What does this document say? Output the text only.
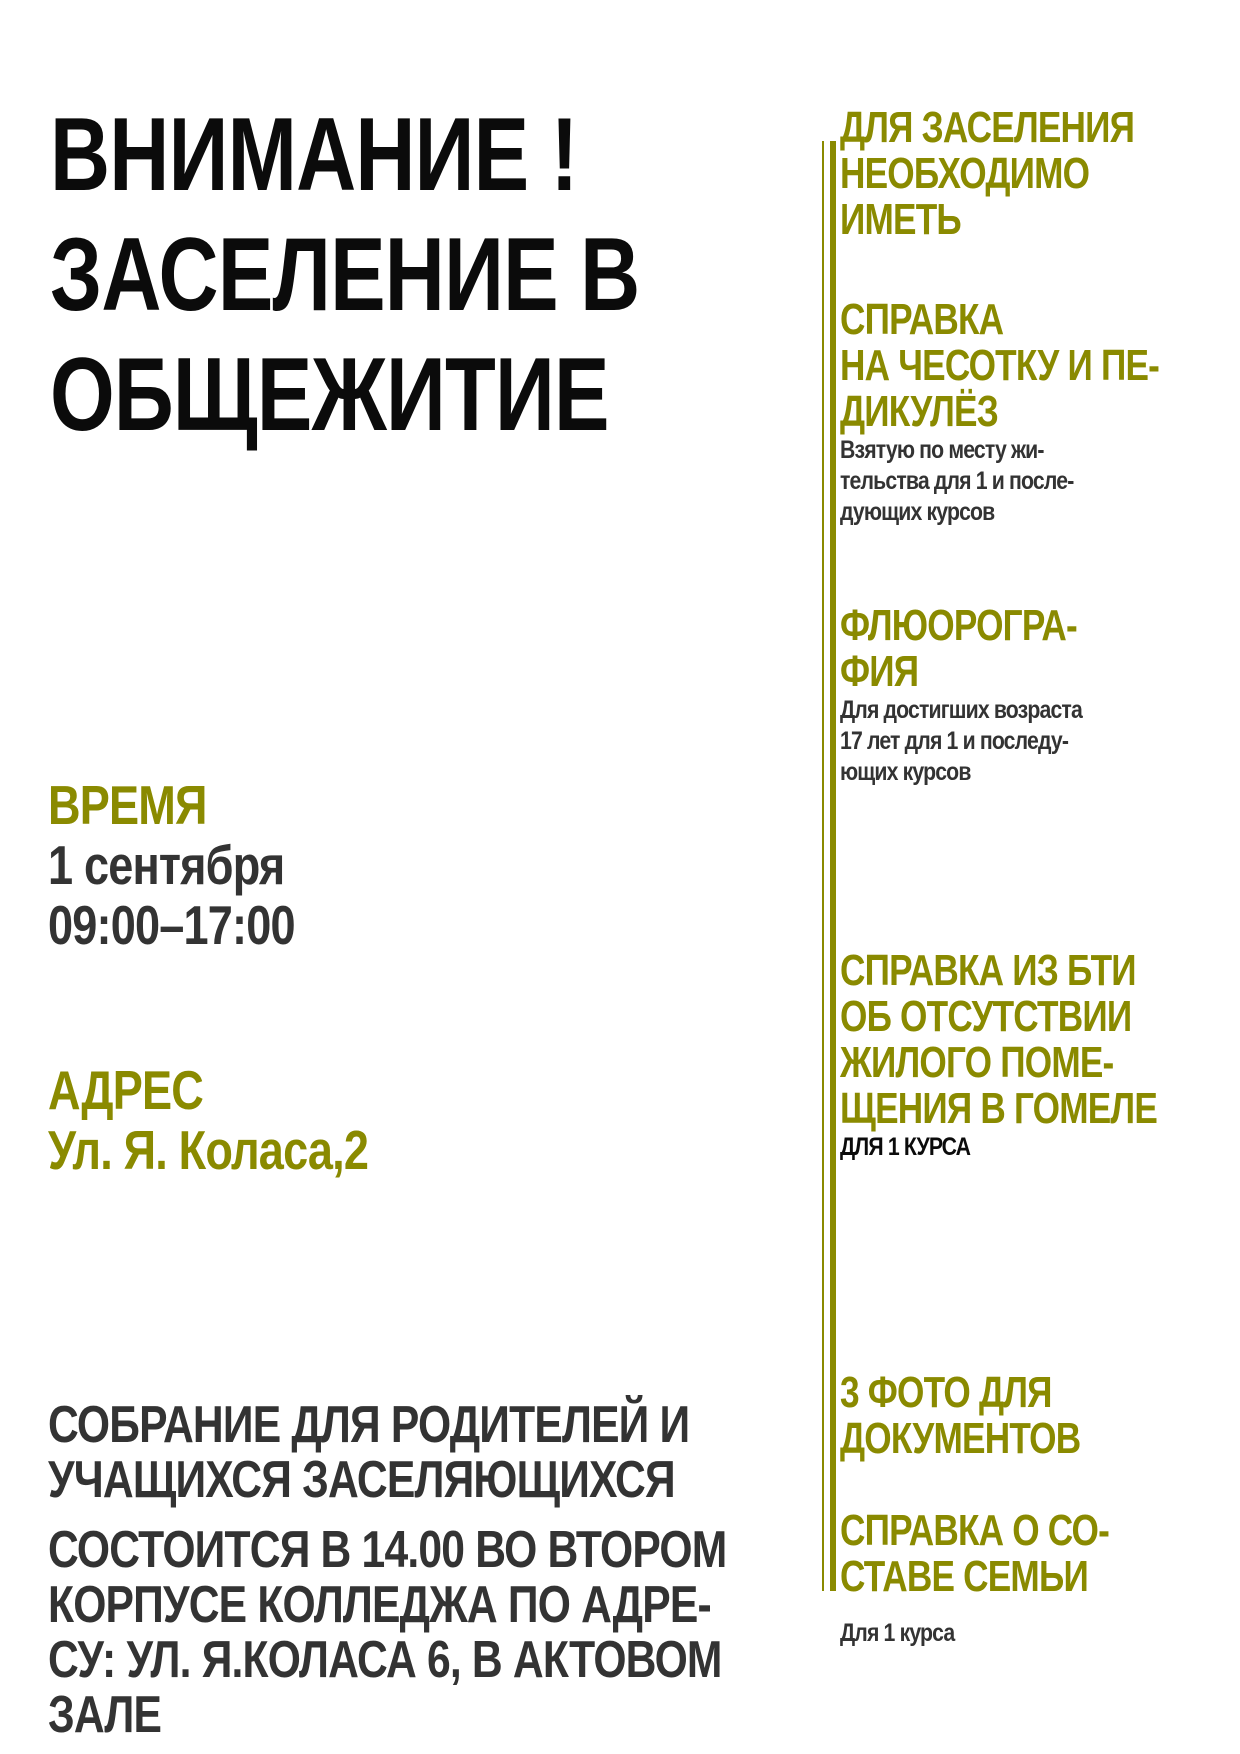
ВНИМАНИЕ !
ЗАСЕЛЕНИЕ В
ОБЩЕЖИТИЕ
ВРЕМЯ
1 сентября
09:00–17:00
АДРЕС
Ул. Я. Коласа,2
СОБРАНИЕ ДЛЯ РОДИТЕЛЕЙ И
УЧАЩИХСЯ ЗАСЕЛЯЮЩИХСЯ
СОСТОИТСЯ В 14.00 ВО ВТОРОМ
КОРПУСЕ КОЛЛЕДЖА ПО АДРЕ-
СУ: УЛ. Я.КОЛАСА 6, В АКТОВОМ
ЗАЛЕ
ДЛЯ ЗАСЕЛЕНИЯ
НЕОБХОДИМО
ИМЕТЬ
СПРАВКА
НА ЧЕСОТКУ И ПЕ-
ДИКУЛЁЗ
Взятую по месту жи-
тельства для 1 и после-
дующих курсов
ФЛЮОРОГРА-
ФИЯ
Для достигших возраста
17 лет для 1 и последу-
ющих курсов
СПРАВКА ИЗ БТИ
ОБ ОТСУТСТВИИ
ЖИЛОГО ПОМЕ-
ЩЕНИЯ В ГОМЕЛЕ
ДЛЯ 1 КУРСА
3 ФОТО ДЛЯ
ДОКУМЕНТОВ
СПРАВКА О СО-
СТАВЕ СЕМЬИ
Для 1 курса
